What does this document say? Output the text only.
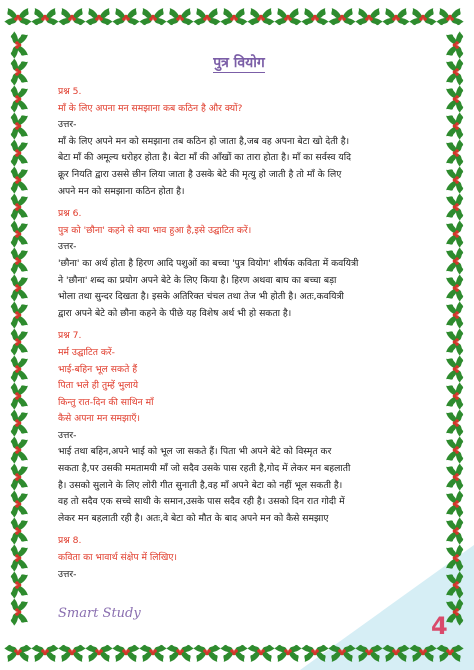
पुत्र वियोग
प्रश्न 5.
माँ के लिए अपना मन समझाना कब कठिन है और क्यों?
उत्तर-
माँ के लिए अपने मन को समझाना तब कठिन हो जाता है,जब वह अपना बेटा खो देती है।
बेटा माँ की अमूल्य धरोहर होता है। बेटा माँ की आँखों का तारा होता है। माँ का सर्वस्व यदि
क्रूर नियति द्वारा उससे छीन लिया जाता है उसके बेटे की मृत्यु हो जाती है तो माँ के लिए
अपने मन को समझाना कठिन होता है।
प्रश्न 6.
पुत्र को 'छौना' कहने से क्या भाव हुआ है,इसे उद्घाटित करें।
उत्तर-
'छौना' का अर्थ होता है हिरण आदि पशुओं का बच्चा 'पुत्र वियोग' शीर्षक कविता में कवयित्री
ने 'छौना' शब्द का प्रयोग अपने बेटे के लिए किया है। हिरण अथवा बाघ का बच्चा बड़ा
भोला तथा सुन्दर दिखता है। इसके अतिरिक्त चंचल तथा तेज भी होती है। अतः,कवयित्री
द्वारा अपने बेटे को छौना कहने के पीछे यह विशेष अर्थ भी हो सकता है।
प्रश्न 7.
मर्म उद्घाटित करें-
भाई-बहिन भूल सकते हैं
पिता भले ही तुम्हें भुलाये
किन्तु रात-दिन की साथिन माँ
कैसे अपना मन समझाएँ।
उत्तर-
भाई तथा बहिन,अपने भाई को भूल जा सकते हैं। पिता भी अपने बेटे को विस्मृत कर
सकता है,पर उसकी ममतामयी माँ जो सदैव उसके पास रहती है,गोद में लेकर मन बहलाती
है। उसको सुलाने के लिए लोरी गीत सुनाती है,वह माँ अपने बेटा को नहीं भूल सकती है।
वह तो सदैव एक सच्चे साथी के समान,उसके पास सदैव रही है। उसको दिन रात गोदी में
लेकर मन बहलाती रही है। अतः,वे बेटा को मौत के बाद अपने मन को कैसे समझाए
प्रश्न 8.
कविता का भावार्थ संक्षेप में लिखिए।
उत्तर-
Smart Study	4
